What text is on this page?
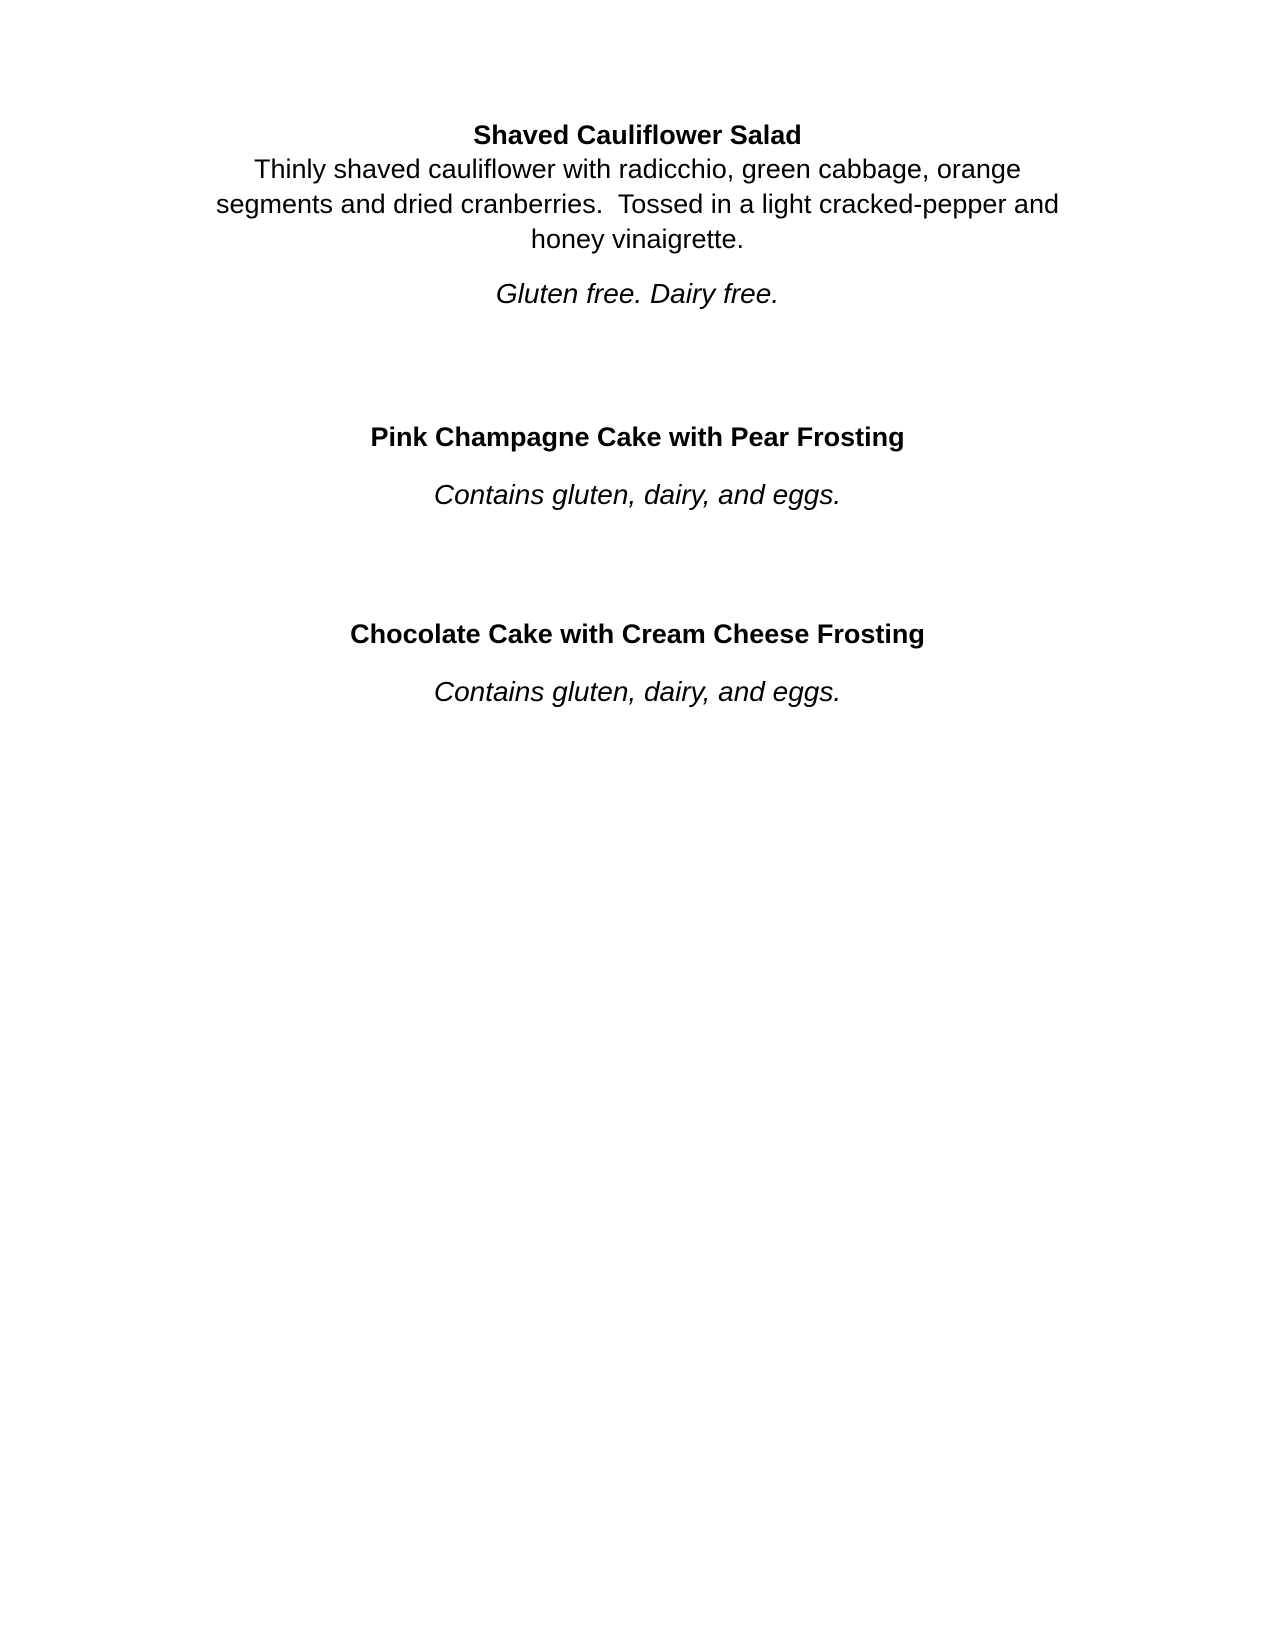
Shaved Cauliflower Salad

Thinly shaved cauliflower with radicchio, green cabbage, orange
segments and dried cranberries.  Tossed in a light cracked-pepper and
honey vinaigrette.

Gluten free. Dairy free.

Pink Champagne Cake with Pear Frosting

Contains gluten, dairy, and eggs.

Chocolate Cake with Cream Cheese Frosting

Contains gluten, dairy, and eggs.
